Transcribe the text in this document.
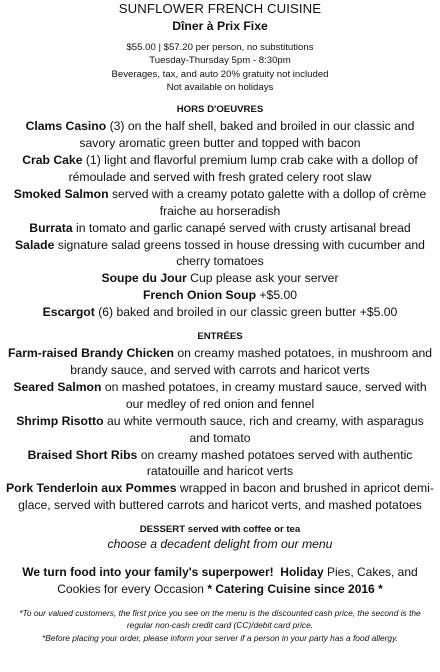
SUNFLOWER FRENCH CUISINE
Dîner à Prix Fixe
$55.00 | $57.20 per person, no substitutions
Tuesday-Thursday 5pm - 8:30pm
Beverages, tax, and auto 20% gratuity not included
Not available on holidays
HORS D'OEUVRES
Clams Casino (3) on the half shell, baked and broiled in our classic and savory aromatic green butter and topped with bacon
Crab Cake (1) light and flavorful premium lump crab cake with a dollop of rémoulade and served with fresh grated celery root slaw
Smoked Salmon served with a creamy potato galette with a dollop of crème fraiche au horseradish
Burrata in tomato and garlic canapé served with crusty artisanal bread
Salade signature salad greens tossed in house dressing with cucumber and cherry tomatoes
Soupe du Jour Cup please ask your server
French Onion Soup +$5.00
Escargot (6) baked and broiled in our classic green butter +$5.00
ENTRÉES
Farm-raised Brandy Chicken on creamy mashed potatoes, in mushroom and brandy sauce, and served with carrots and haricot verts
Seared Salmon on mashed potatoes, in creamy mustard sauce, served with our medley of red onion and fennel
Shrimp Risotto au white vermouth sauce, rich and creamy, with asparagus and tomato
Braised Short Ribs on creamy mashed potatoes served with authentic ratatouille and haricot verts
Pork Tenderloin aux Pommes wrapped in bacon and brushed in apricot demi-glace, served with buttered carrots and haricot verts, and mashed potatoes
DESSERT served with coffee or tea
choose a decadent delight from our menu
We turn food into your family's superpower! Holiday Pies, Cakes, and
Cookies for every Occasion * Catering Cuisine since 2016 *
*To our valued customers, the first price you see on the menu is the discounted cash price, the second is the regular non-cash credit card (CC)/debit card price.
*Before placing your order, please inform your server if a person in your party has a food allergy.
